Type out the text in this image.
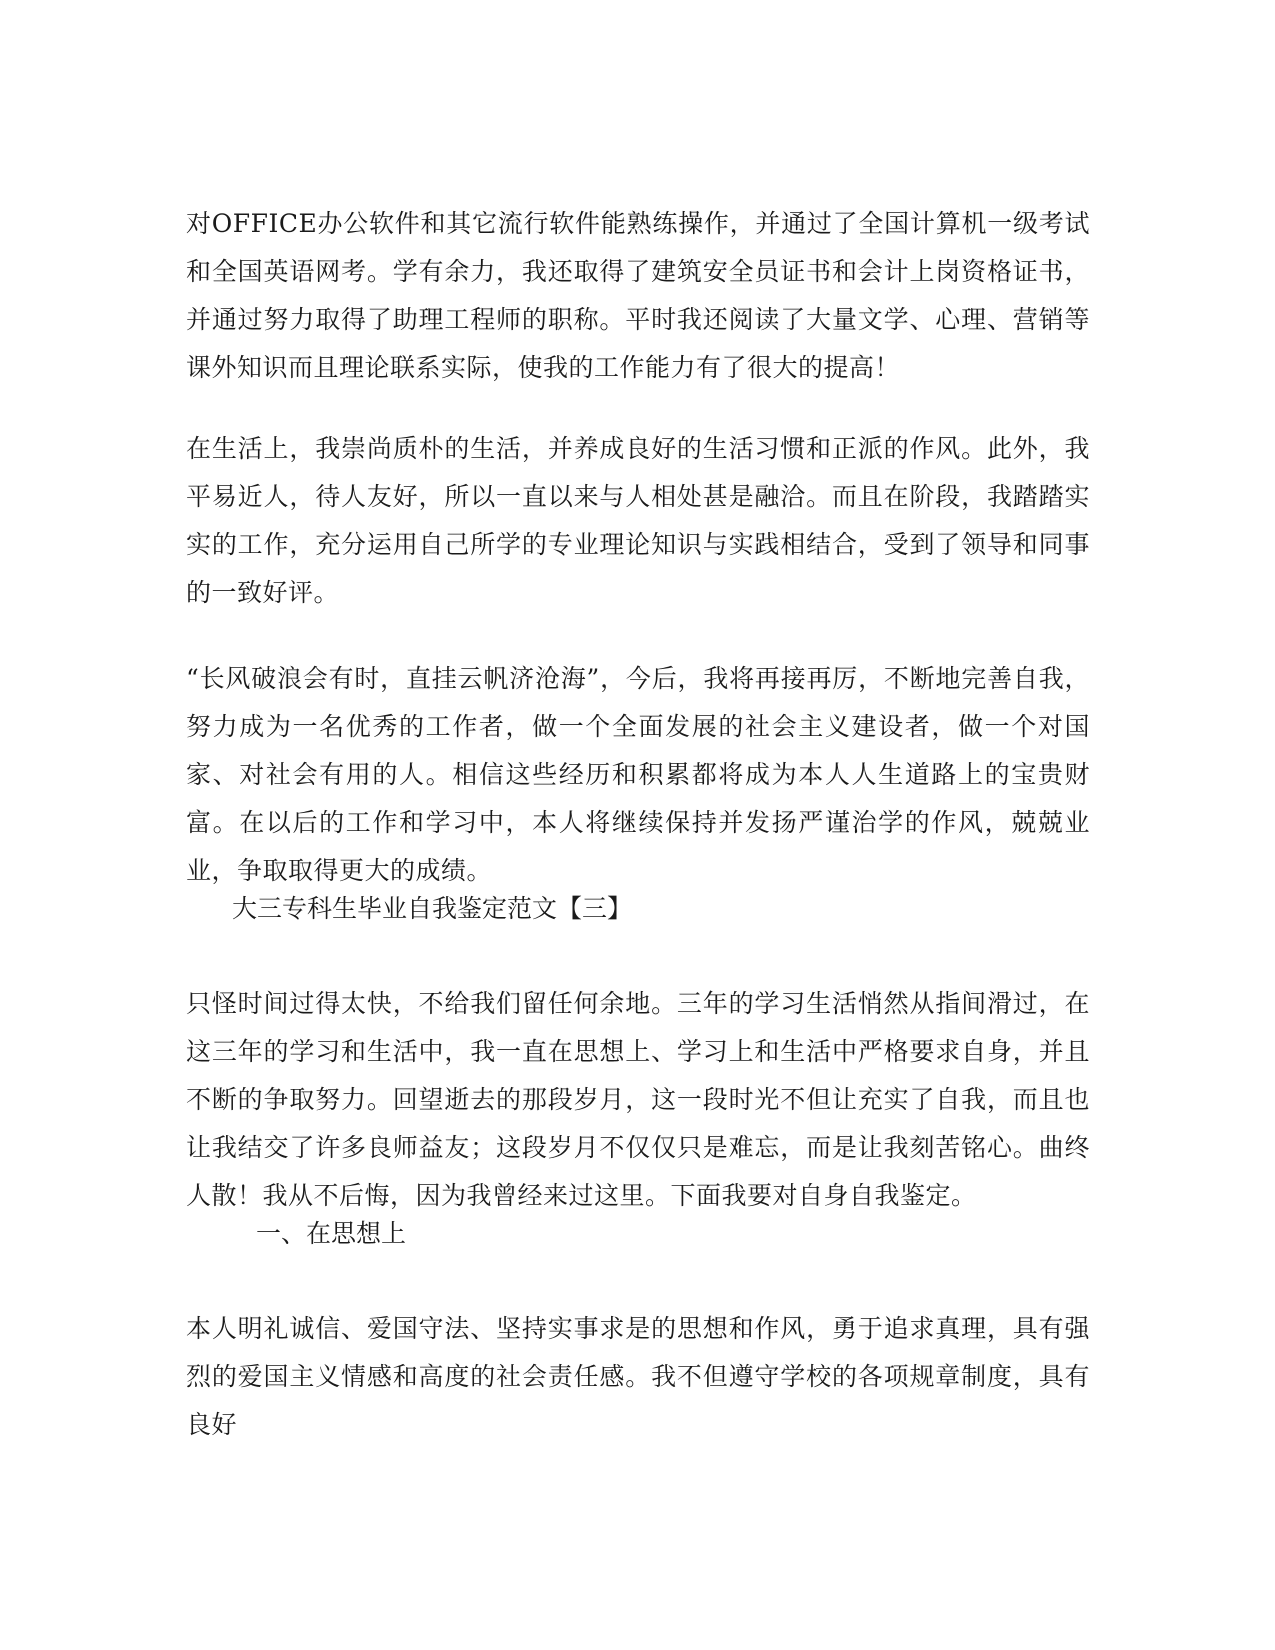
对OFFICE办公软件和其它流行软件能熟练操作，并通过了全国计算机一级考试和全国英语网考。学有余力，我还取得了建筑安全员证书和会计上岗资格证书，并通过努力取得了助理工程师的职称。平时我还阅读了大量文学、心理、营销等课外知识而且理论联系实际，使我的工作能力有了很大的提高！

在生活上，我崇尚质朴的生活，并养成良好的生活习惯和正派的作风。此外，我平易近人，待人友好，所以一直以来与人相处甚是融洽。而且在阶段，我踏踏实实的工作，充分运用自己所学的专业理论知识与实践相结合，受到了领导和同事的一致好评。

“长风破浪会有时，直挂云帆济沧海”，今后，我将再接再厉，不断地完善自我，努力成为一名优秀的工作者，做一个全面发展的社会主义建设者，做一个对国家、对社会有用的人。相信这些经历和积累都将成为本人人生道路上的宝贵财富。在以后的工作和学习中，本人将继续保持并发扬严谨治学的作风，兢兢业业，争取取得更大的成绩。

大三专科生毕业自我鉴定范文【三】

只怪时间过得太快，不给我们留任何余地。三年的学习生活悄然从指间滑过，在这三年的学习和生活中，我一直在思想上、学习上和生活中严格要求自身，并且不断的争取努力。回望逝去的那段岁月，这一段时光不但让充实了自我，而且也让我结交了许多良师益友；这段岁月不仅仅只是难忘，而是让我刻苦铭心。曲终人散！我从不后悔，因为我曾经来过这里。下面我要对自身自我鉴定。

一、在思想上

本人明礼诚信、爱国守法、坚持实事求是的思想和作风，勇于追求真理，具有强烈的爱国主义情感和高度的社会责任感。我不但遵守学校的各项规章制度，具有良好
